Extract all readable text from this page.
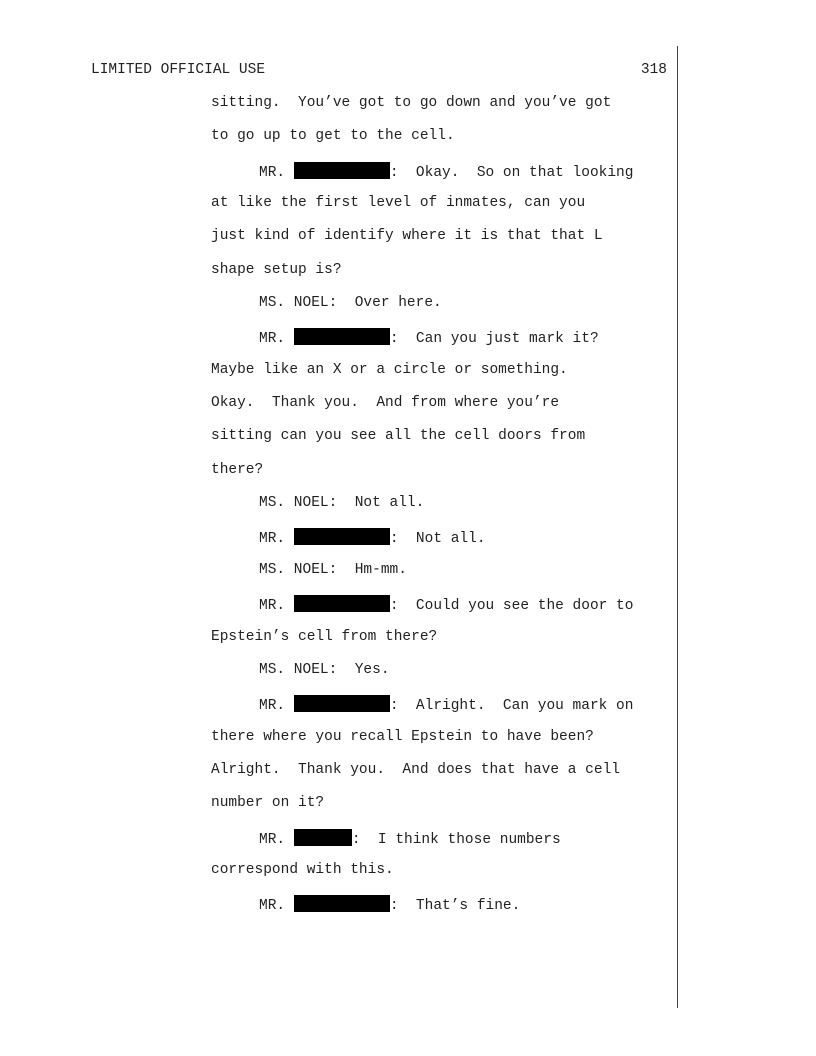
LIMITED OFFICIAL USE	318
sitting.  You’ve got to go down and you’ve got
to go up to get to the cell.
MR.	:  Okay.  So on that looking
at like the first level of inmates, can you
just kind of identify where it is that that L
shape setup is?
MS. NOEL:  Over here.
MR.	:  Can you just mark it?
Maybe like an X or a circle or something.
Okay.  Thank you.  And from where you’re
sitting can you see all the cell doors from
there?
MS. NOEL:  Not all.
MR.	:  Not all.
MS. NOEL:  Hm-mm.
MR.	:  Could you see the door to
Epstein’s cell from there?
MS. NOEL:  Yes.
MR.	:  Alright.  Can you mark on
there where you recall Epstein to have been?
Alright.  Thank you.  And does that have a cell
number on it?
MR.	:  I think those numbers
correspond with this.
MR.	:  That’s fine.
